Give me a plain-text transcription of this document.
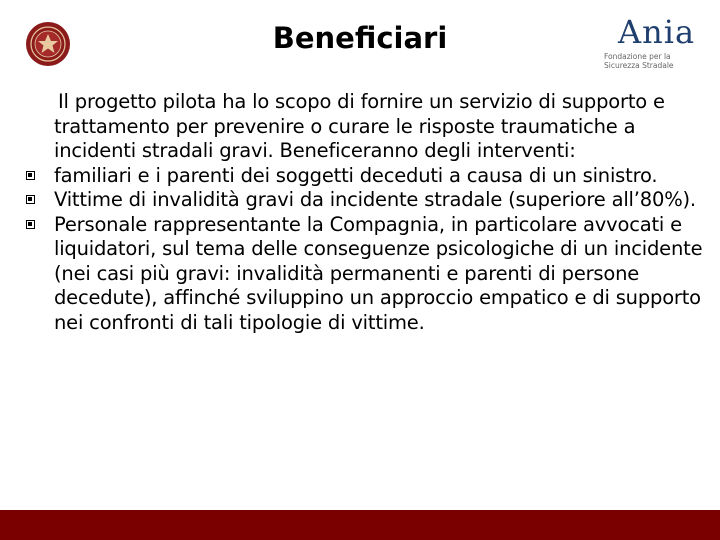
Beneficiari	Ania
Fondazione per la Sicurezza Stradale

Il progetto pilota ha lo scopo di fornire un servizio di supporto e trattamento per prevenire o curare le risposte traumatiche a incidenti stradali gravi. Beneficeranno degli interventi:

familiari e i parenti dei soggetti deceduti a causa di un sinistro.
Vittime di invalidità gravi da incidente stradale (superiore all’80%).
Personale rappresentante la Compagnia, in particolare avvocati e liquidatori, sul tema delle conseguenze psicologiche di un incidente (nei casi più gravi: invalidità permanenti e parenti di persone decedute), affinché sviluppino un approccio empatico e di supporto nei confronti di tali tipologie di vittime.
